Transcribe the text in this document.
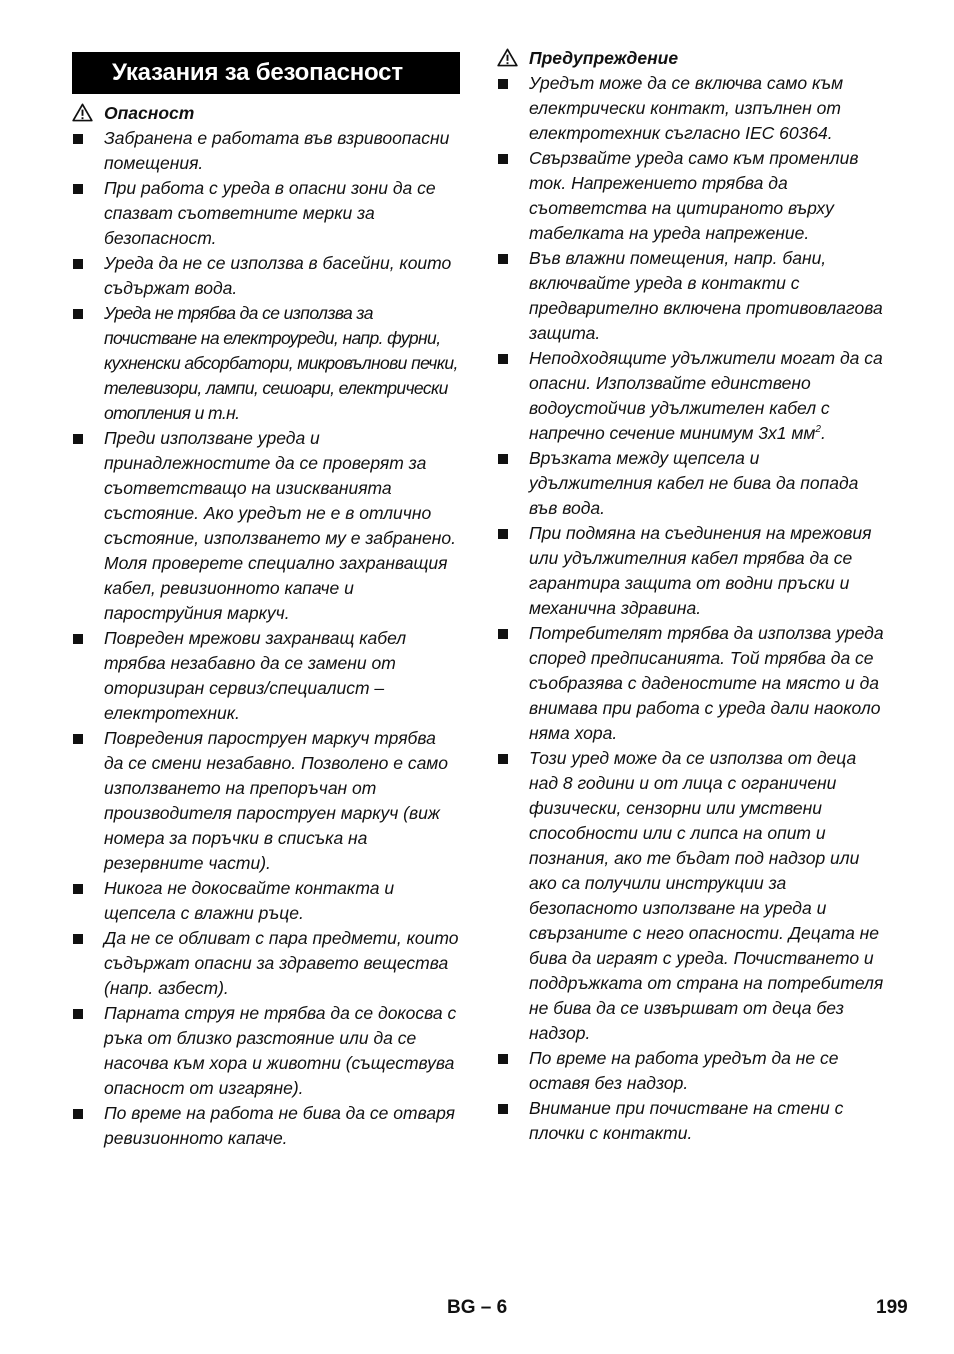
Указания за безопасност
Опасност
Забранена е работата във взривоопасни помещения.
При работа с уреда в опасни зони да се спазват съответните мерки за безопасност.
Уреда да не се използва в басейни, които съдържат вода.
Уреда не трябва да се използва за почистване на електроуреди, напр. фурни, кухненски абсорбатори, микровълнови печки, телевизори, лампи, сешоари, електрически отопления и т.н.
Преди използване уреда и принадлежностите да се проверят за съответстващо на изискванията състояние. Ако уредът не е в отлично състояние, използването му е забранено. Моля проверете специално захранващия кабел, ревизионното капаче и пароструйния маркуч.
Повреден мрежови захранващ кабел трябва незабавно да се замени от оторизиран сервиз/специалист – електротехник.
Повредения пароструен маркуч трябва да се смени незабавно. Позволено е само използването на препоръчан от производителя пароструен маркуч (виж номера за поръчки в списъка на резервните части).
Никога не докосвайте контакта и щепсела с влажни ръце.
Да не се обливат с пара предмети, които съдържат опасни за здравето вещества (напр. азбест).
Парната струя не трябва да се докосва с ръка от близко разстояние или да се насочва към хора и животни (съществува опасност от изгаряне).
По време на работа не бива да се отваря ревизионното капаче.
Предупреждение
Уредът може да се включва само към електрически контакт, изпълнен от електротехник съгласно IEC 60364.
Свързвайте уреда само към променлив ток. Напрежението трябва да съответства на цитираното върху табелката на уреда напрежение.
Във влажни помещения, напр. бани, включвайте уреда в контакти с предварително включена противовлагова защита.
Неподходящите удължители могат да са опасни. Използвайте единствено водоустойчив удължителен кабел с напречно сечение минимум 3x1 $мм^2$.
Връзката между щепсела и удължителния кабел не бива да попада във вода.
При подмяна на съединения на мрежовия или удължителния кабел трябва да се гарантира защита от водни пръски и механична здравина.
Потребителят трябва да използва уреда според предписанията. Той трябва да се съобразява с даденостите на място и да внимава при работа с уреда дали наоколо няма хора.
Този уред може да се използва от деца над 8 години и от лица с ограничени физически, сензорни или умствени способности или с липса на опит и познания, ако те бъдат под надзор или ако са получили инструкции за безопасното използване на уреда и свързаните с него опасности. Децата не бива да играят с уреда. Почистването и поддръжката от страна на потребителя не бива да се извършват от деца без надзор.
По време на работа уредът да не се оставя без надзор.
Внимание при почистване на стени с плочки с контакти.
BG – 6	199
